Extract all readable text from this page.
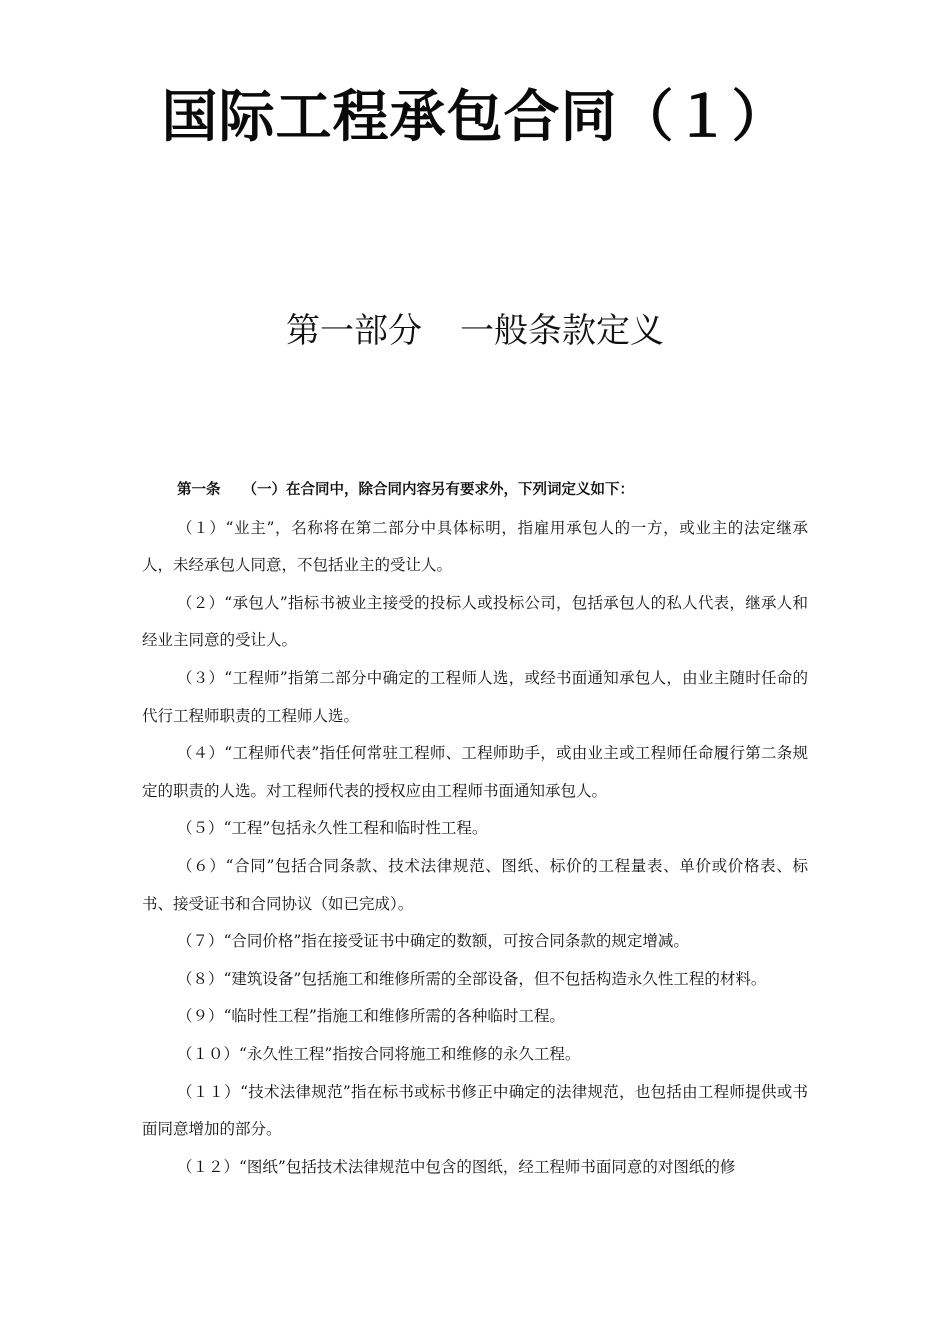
国际工程承包合同（１）
第一部分 一般条款定义

第一条 （一）在合同中，除合同内容另有要求外，下列词定义如下：

（１）“业主”，名称将在第二部分中具体标明，指雇用承包人的一方，或业主的法定继承人，未经承包人同意，不包括业主的受让人。

（２）“承包人”指标书被业主接受的投标人或投标公司，包括承包人的私人代表，继承人和经业主同意的受让人。

（３）“工程师”指第二部分中确定的工程师人选，或经书面通知承包人，由业主随时任命的代行工程师职责的工程师人选。

（４）“工程师代表”指任何常驻工程师、工程师助手，或由业主或工程师任命履行第二条规定的职责的人选。对工程师代表的授权应由工程师书面通知承包人。

（５）“工程”包括永久性工程和临时性工程。

（６）“合同”包括合同条款、技术法律规范、图纸、标价的工程量表、单价或价格表、标书、接受证书和合同协议（如已完成）。

（７）“合同价格”指在接受证书中确定的数额，可按合同条款的规定增减。

（８）“建筑设备”包括施工和维修所需的全部设备，但不包括构造永久性工程的材料。

（９）“临时性工程”指施工和维修所需的各种临时工程。

（１０）“永久性工程”指按合同将施工和维修的永久工程。

（１１）“技术法律规范”指在标书或标书修正中确定的法律规范，也包括由工程师提供或书面同意增加的部分。

（１２）“图纸”包括技术法律规范中包含的图纸，经工程师书面同意的对图纸的修
